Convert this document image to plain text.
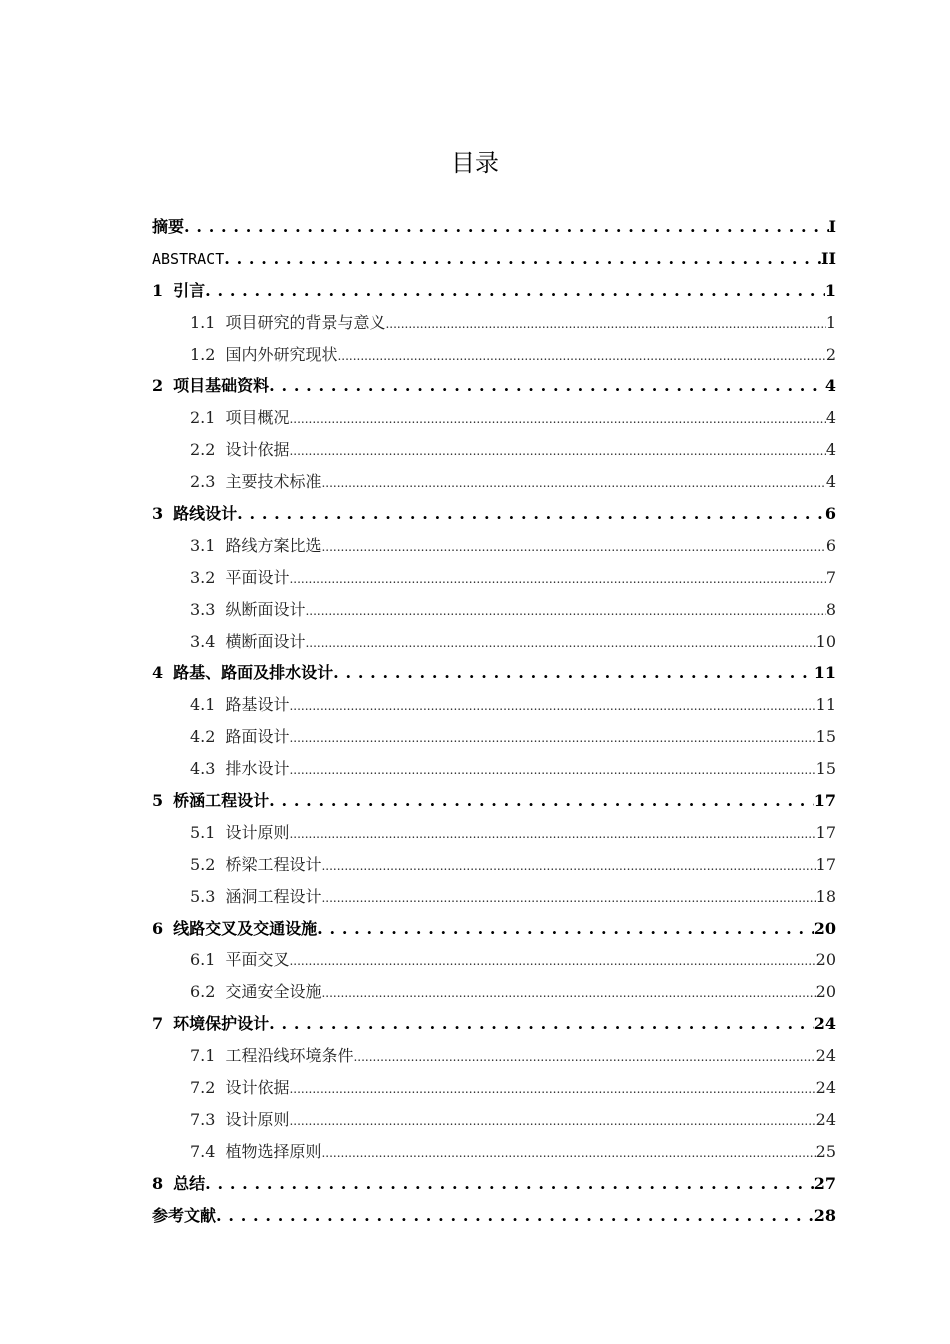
目录
摘要 . . .	I
ABSTRACT . . .	II
1 引言 . . .	1
1.1 项目研究的背景与意义 .....	1
1.2 国内外研究现状 .....	2
2 项目基础资料 . . .	4
2.1 项目概况 .....	4
2.2 设计依据 .....	4
2.3 主要技术标准 .....	4
3 路线设计 . . .	6
3.1 路线方案比选 .....	6
3.2 平面设计 .....	7
3.3 纵断面设计 .....	8
3.4 横断面设计 .....	10
4 路基、路面及排水设计 . . .	11
4.1 路基设计 .....	11
4.2 路面设计 .....	15
4.3 排水设计 .....	15
5 桥涵工程设计 . . .	17
5.1 设计原则 .....	17
5.2 桥梁工程设计 .....	17
5.3 涵洞工程设计 .....	18
6 线路交叉及交通设施 . . .	20
6.1 平面交叉 .....	20
6.2 交通安全设施 .....	20
7 环境保护设计 . . .	24
7.1 工程沿线环境条件 .....	24
7.2 设计依据 .....	24
7.3 设计原则 .....	24
7.4 植物选择原则 .....	25
8 总结 . . .	27
参考文献 . . .	28
